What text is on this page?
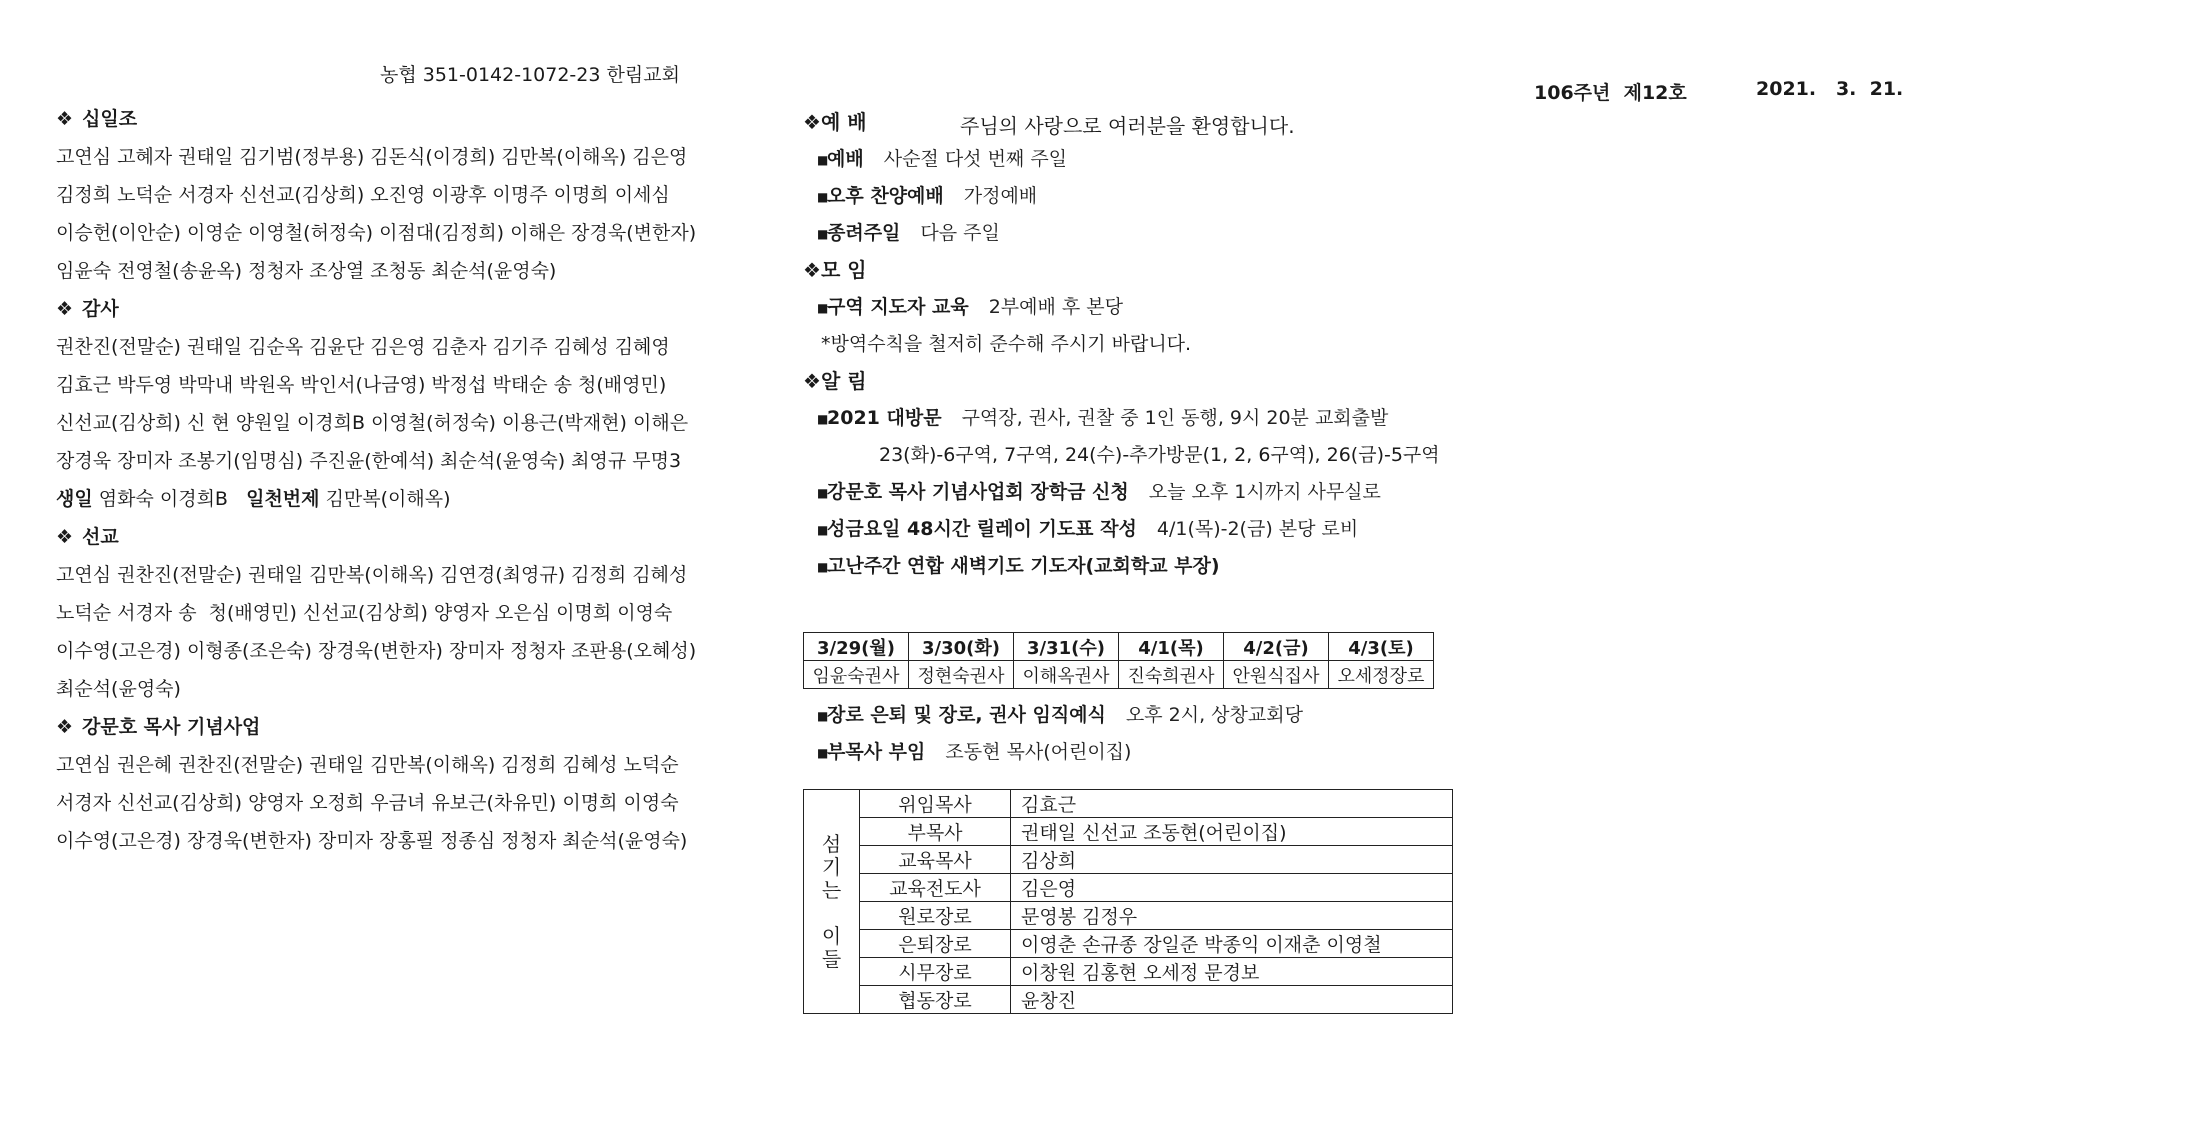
농협 351-0142-1072-23 한림교회
106주년  제12호	2021.   3.  21.
주님의 사랑으로 여러분을 환영합니다.
❖ 십일조
고연심 고혜자 권태일 김기범(정부용) 김돈식(이경희) 김만복(이해옥) 김은영
김정희 노덕순 서경자 신선교(김상희) 오진영 이광후 이명주 이명희 이세심
이승헌(이안순) 이영순 이영철(허정숙) 이점대(김정희) 이해은 장경욱(변한자)
임윤숙 전영철(송윤옥) 정청자 조상열 조청동 최순석(윤영숙)
❖ 감사
권찬진(전말순) 권태일 김순옥 김윤단 김은영 김춘자 김기주 김혜성 김혜영
김효근 박두영 박막내 박원옥 박인서(나금영) 박정섭 박태순 송 청(배영민)
신선교(김상희) 신 현 양원일 이경희B 이영철(허정숙) 이용근(박재현) 이해은
장경욱 장미자 조봉기(임명심) 주진윤(한예석) 최순석(윤영숙) 최영규 무명3
생일 염화숙 이경희B 일천번제 김만복(이해옥)
❖ 선교
고연심 권찬진(전말순) 권태일 김만복(이해옥) 김연경(최영규) 김정희 김혜성
노덕순 서경자 송  청(배영민) 신선교(김상희) 양영자 오은심 이명희 이영숙
이수영(고은경) 이형종(조은숙) 장경욱(변한자) 장미자 정청자 조판용(오혜성)
최순석(윤영숙)
❖ 강문호 목사 기념사업
고연심 권은혜 권찬진(전말순) 권태일 김만복(이해옥) 김정희 김혜성 노덕순
서경자 신선교(김상희) 양영자 오정희 우금녀 유보근(차유민) 이명희 이영숙
이수영(고은경) 장경욱(변한자) 장미자 장홍필 정종심 정청자 최순석(윤영숙)
❖예 배
■예배 사순절 다섯 번째 주일
■오후 찬양예배 가정예배
■종려주일 다음 주일
❖모 임
■구역 지도자 교육 2부예배 후 본당
*방역수칙을 철저히 준수해 주시기 바랍니다.
❖알 림
■2021 대방문 구역장, 권사, 권찰 중 1인 동행, 9시 20분 교회출발
23(화)-6구역, 7구역, 24(수)-추가방문(1, 2, 6구역), 26(금)-5구역
■강문호 목사 기념사업회 장학금 신청 오늘 오후 1시까지 사무실로
■성금요일 48시간 릴레이 기도표 작성 4/1(목)-2(금) 본당 로비
■고난주간 연합 새벽기도 기도자(교회학교 부장)
3/29(월)	3/30(화)	3/31(수)	4/1(목)	4/2(금)	4/3(토)
임윤숙권사	정현숙권사	이해옥권사	진숙희권사	안원식집사	오세정장로
■장로 은퇴 및 장로, 권사 임직예식 오후 2시, 상창교회당
■부목사 부임 조동현 목사(어린이집)
섬
기
는
이
들	위임목사	김효근
	부목사	권태일 신선교 조동현(어린이집)
	교육목사	김상희
	교육전도사	김은영
	원로장로	문영봉 김정우
	은퇴장로	이영춘 손규종 장일준 박종익 이재춘 이영철
	시무장로	이창원 김홍현 오세정 문경보
	협동장로	윤창진
